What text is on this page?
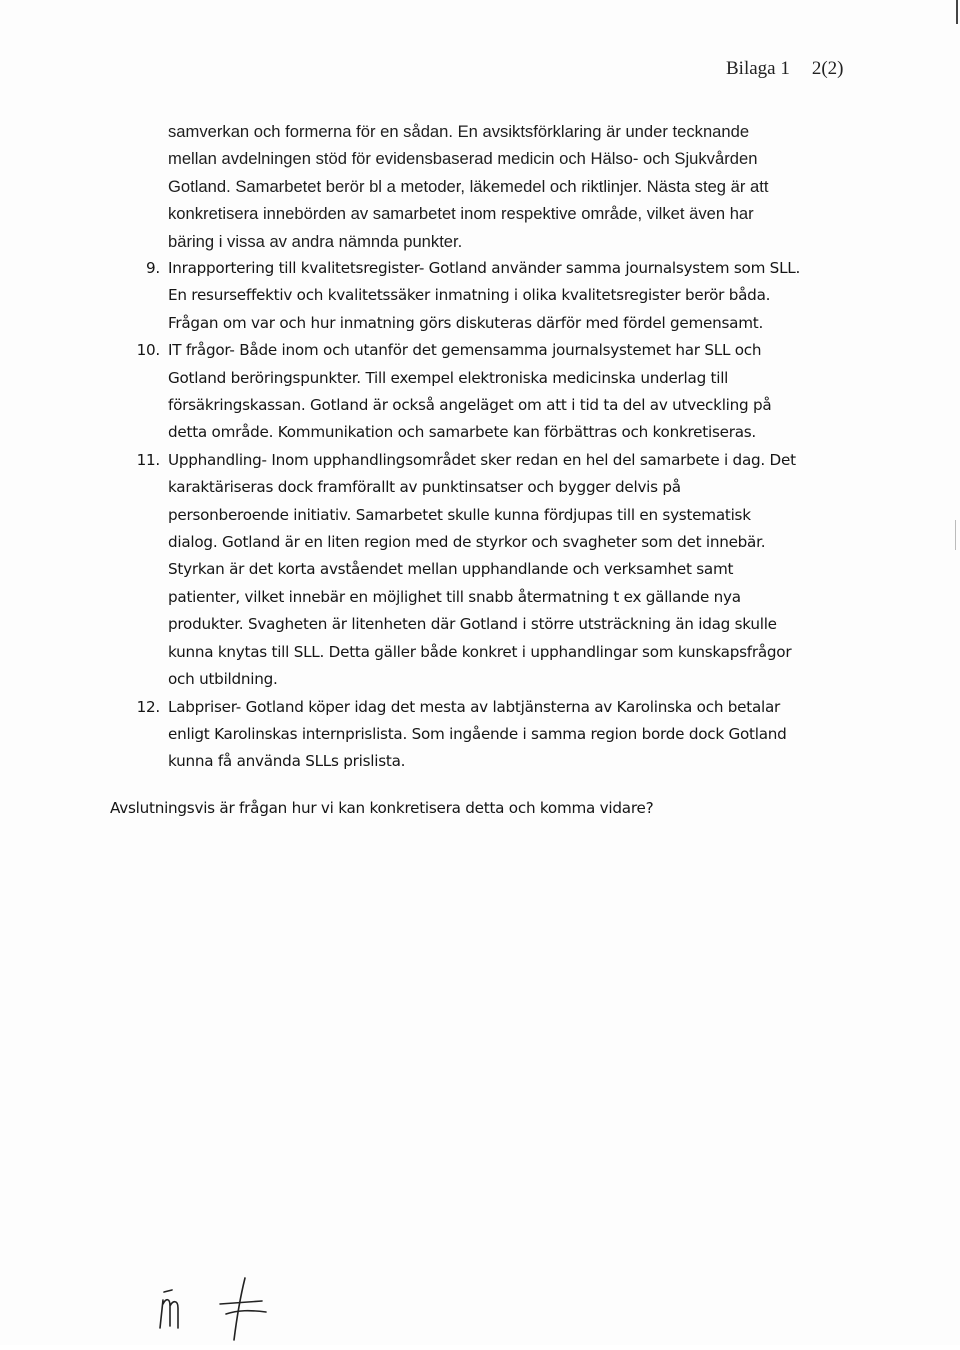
Bilaga 1 2(2)
samverkan och formerna för en sådan. En avsiktsförklaring är under tecknande
mellan avdelningen stöd för evidensbaserad medicin och Hälso- och Sjukvården
Gotland. Samarbetet berör bl a metoder, läkemedel och riktlinjer. Nästa steg är att
konkretisera innebörden av samarbetet inom respektive område, vilket även har
bäring i vissa av andra nämnda punkter.
9. Inrapportering till kvalitetsregister- Gotland använder samma journalsystem som SLL.
En resurseffektiv och kvalitetssäker inmatning i olika kvalitetsregister berör båda.
Frågan om var och hur inmatning görs diskuteras därför med fördel gemensamt.
10. IT frågor- Både inom och utanför det gemensamma journalsystemet har SLL och
Gotland beröringspunkter. Till exempel elektroniska medicinska underlag till
försäkringskassan. Gotland är också angeläget om att i tid ta del av utveckling på
detta område. Kommunikation och samarbete kan förbättras och konkretiseras.
11. Upphandling- Inom upphandlingsområdet sker redan en hel del samarbete i dag. Det
karaktäriseras dock framförallt av punktinsatser och bygger delvis på
personberoende initiativ. Samarbetet skulle kunna fördjupas till en systematisk
dialog. Gotland är en liten region med de styrkor och svagheter som det innebär.
Styrkan är det korta avståendet mellan upphandlande och verksamhet samt
patienter, vilket innebär en möjlighet till snabb återmatning t ex gällande nya
produkter. Svagheten är litenheten där Gotland i större utsträckning än idag skulle
kunna knytas till SLL. Detta gäller både konkret i upphandlingar som kunskapsfrågor
och utbildning.
12. Labpriser- Gotland köper idag det mesta av labtjänsterna av Karolinska och betalar
enligt Karolinskas internprislista. Som ingående i samma region borde dock Gotland
kunna få använda SLLs prislista.
Avslutningsvis är frågan hur vi kan konkretisera detta och komma vidare?
